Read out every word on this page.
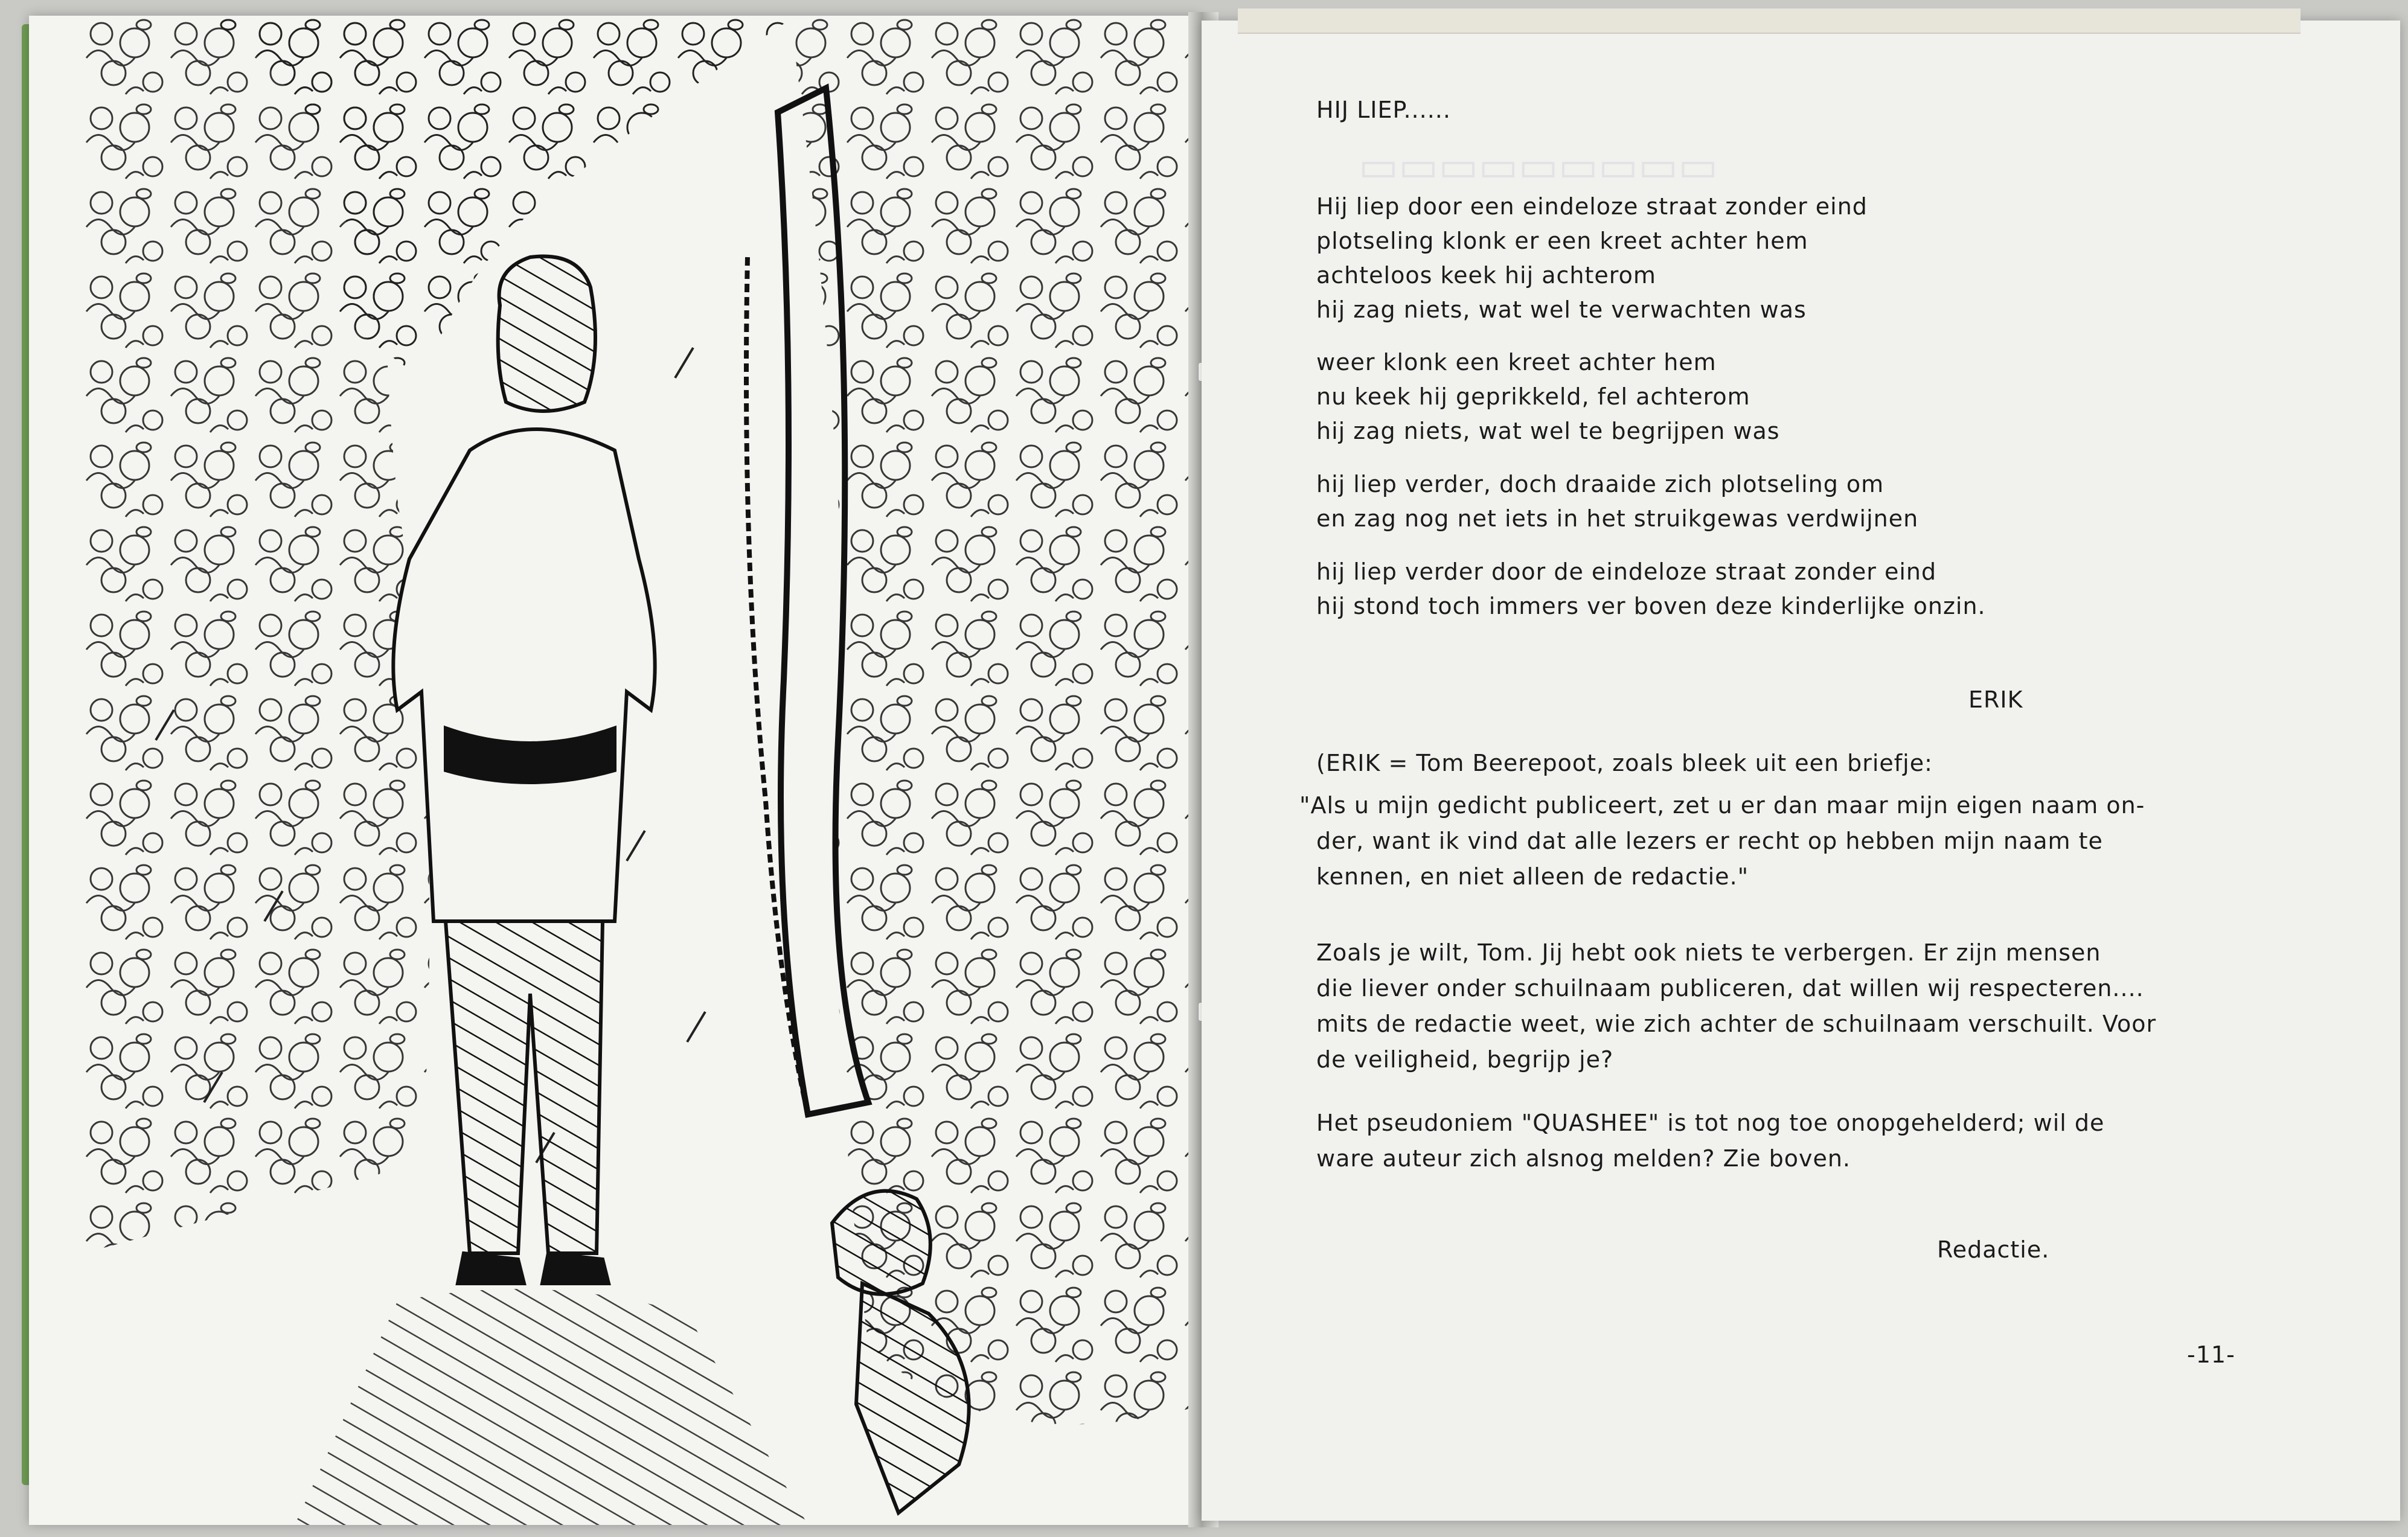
▭▭▭▭▭▭▭▭▭
HIJ LIEP......
Hij liep door een eindeloze straat zonder eind
plotseling klonk er een kreet achter hem
achteloos keek hij achterom
hij zag niets, wat wel te verwachten was
weer klonk een kreet achter hem
nu keek hij geprikkeld, fel achterom
hij zag niets, wat wel te begrijpen was
hij liep verder, doch draaide zich plotseling om
en zag nog net iets in het struikgewas verdwijnen
hij liep verder door de eindeloze straat zonder eind
hij stond toch immers ver boven deze kinderlijke onzin.
ERIK
(ERIK = Tom Beerepoot, zoals bleek uit een briefje:
"Als u mijn gedicht publiceert, zet u er dan maar mijn eigen naam on-
der, want ik vind dat alle lezers er recht op hebben mijn naam te
kennen, en niet alleen de redactie."
Zoals je wilt, Tom. Jij hebt ook niets te verbergen. Er zijn mensen
die liever onder schuilnaam publiceren, dat willen wij respecteren....
mits de redactie weet, wie zich achter de schuilnaam verschuilt. Voor
de veiligheid, begrijp je?
Het pseudoniem "QUASHEE" is tot nog toe onopgehelderd; wil de
ware auteur zich alsnog melden? Zie boven.
Redactie.
-11-
